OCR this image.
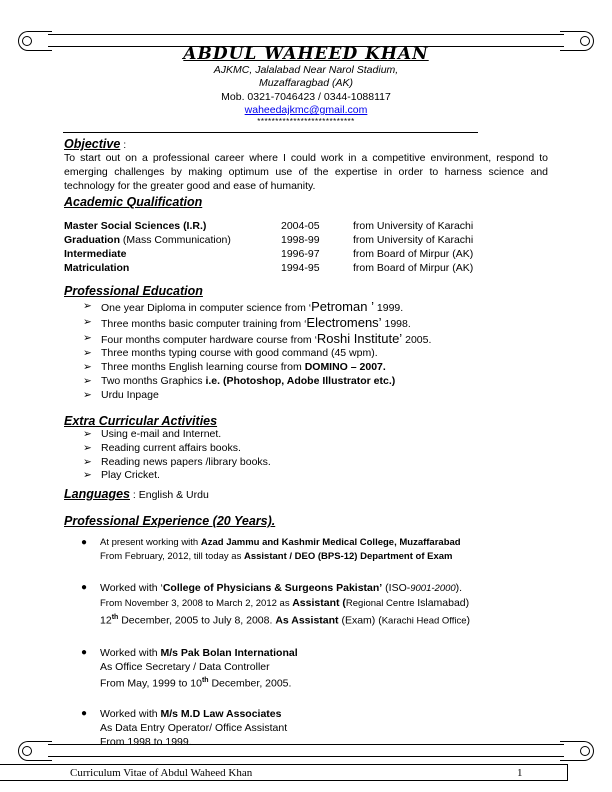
ABDUL WAHEED KHAN
AJKMC, Jalalabad Near Narol Stadium,
Muzaffaragbad (AK)
Mob. 0321-7046423 / 0344-1088117
waheedajkmc@gmail.com
***************************
Objective :
To start out on a professional career where I could work in a competitive environment, respond to emerging challenges by making optimum use of the expertise in order to harness science and technology for the greater good and ease of humanity.
Academic Qualification
Master Social Sciences (I.R.)	2004-05	from University of Karachi
Graduation (Mass Communication)	1998-99	from University of Karachi
Intermediate	1996-97	from Board of Mirpur (AK)
Matriculation	1994-95	from Board of Mirpur (AK)
Professional Education
➢ One year Diploma in computer science from ‘Petroman ’ 1999.
➢ Three months basic computer training from ‘Electromens’ 1998.
➢ Four months computer hardware course from ‘Roshi Institute’ 2005.
➢ Three months typing course with good command (45 wpm).
➢ Three months English learning course from DOMINO – 2007.
➢ Two months Graphics i.e. (Photoshop, Adobe Illustrator etc.)
➢ Urdu Inpage
Extra Curricular Activities
➢ Using e-mail and Internet.
➢ Reading current affairs books.
➢ Reading news papers /library books.
➢ Play Cricket.
Languages : English & Urdu
Professional Experience (20 Years).
● At present working with Azad Jammu and Kashmir Medical College, Muzaffarabad
From February, 2012, till today as Assistant / DEO (BPS-12) Department of Exam
● Worked with ‘College of Physicians & Surgeons Pakistan’ (ISO-9001-2000).
From November 3, 2008 to March 2, 2012 as Assistant (Regional Centre Islamabad)
12th December, 2005 to July 8, 2008. As Assistant (Exam) (Karachi Head Office)
● Worked with M/s Pak Bolan International
As Office Secretary / Data Controller
From May, 1999 to 10th December, 2005.
● Worked with M/s M.D Law Associates
As Data Entry Operator/ Office Assistant
From 1998 to 1999.
Curriculum Vitae of Abdul Waheed Khan	1
